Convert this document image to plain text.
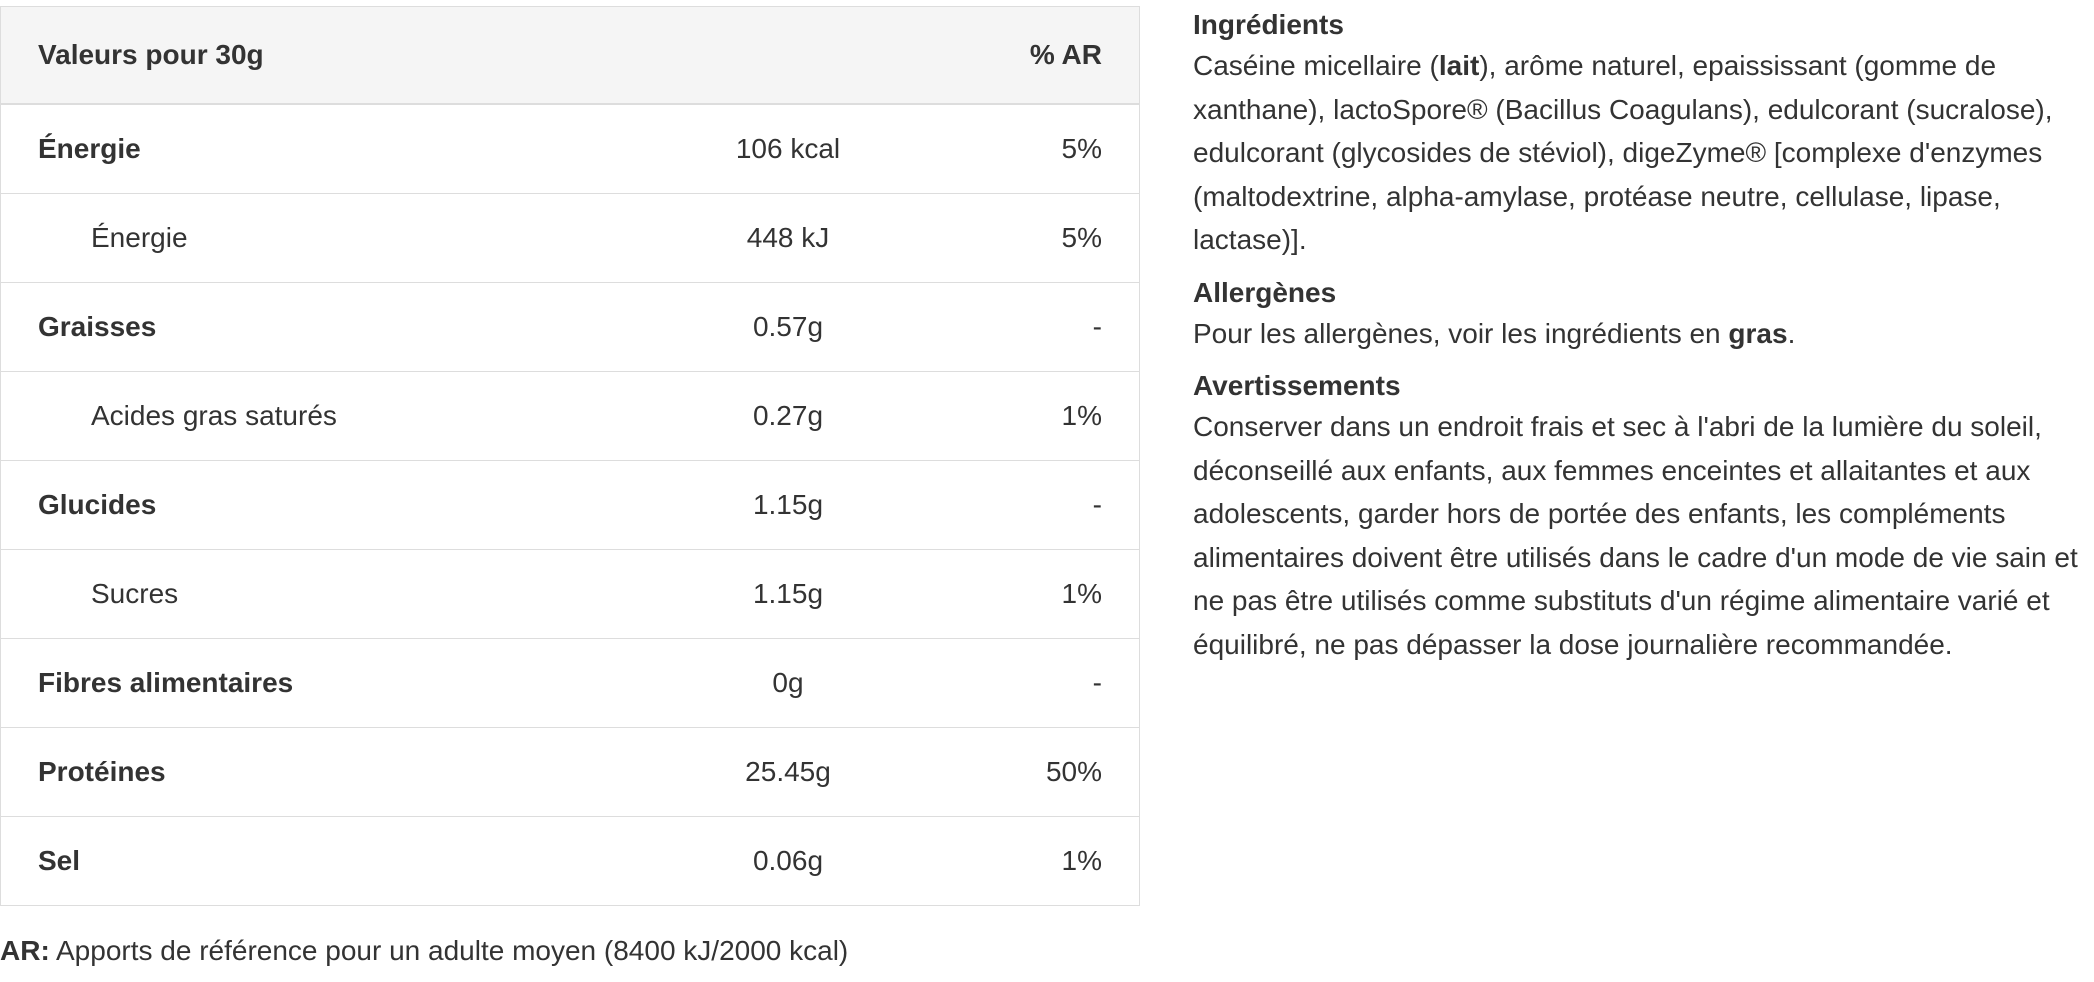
Valeurs pour 30g		% AR
Énergie	106 kcal	5%
Énergie	448 kJ	5%
Graisses	0.57g	-
Acides gras saturés	0.27g	1%
Glucides	1.15g	-
Sucres	1.15g	1%
Fibres alimentaires	0g	-
Protéines	25.45g	50%
Sel	0.06g	1%
AR: Apports de référence pour un adulte moyen (8400 kJ/2000 kcal)
Ingrédients
Caséine micellaire (lait), arôme naturel, epaississant (gomme de xanthane), lactoSpore® (Bacillus Coagulans), edulcorant (sucralose), edulcorant (glycosides de stéviol), digeZyme® [complexe d'enzymes (maltodextrine, alpha-amylase, protéase neutre, cellulase, lipase, lactase)].
Allergènes
Pour les allergènes, voir les ingrédients en gras.
Avertissements
Conserver dans un endroit frais et sec à l'abri de la lumière du soleil, déconseillé aux enfants, aux femmes enceintes et allaitantes et aux adolescents, garder hors de portée des enfants, les compléments alimentaires doivent être utilisés dans le cadre d'un mode de vie sain et ne pas être utilisés comme substituts d'un régime alimentaire varié et équilibré, ne pas dépasser la dose journalière recommandée.
